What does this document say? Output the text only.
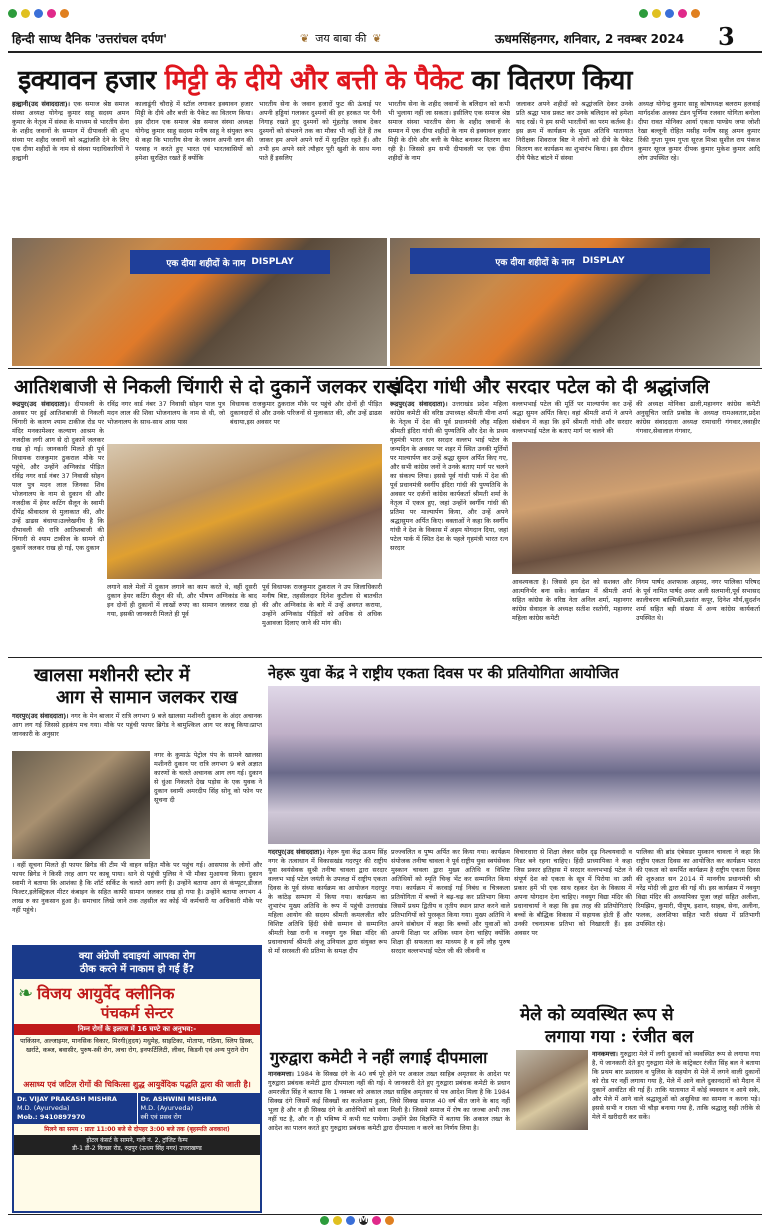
हिन्दी साप्ध दैनिक 'उत्तरांचल दर्पण'	❦ जय बाबा की ❦	ऊधमसिंहनगर, शनिवार, 2 नवम्बर 2024 3
इक्यावन हजार मिट्टी के दीये और बत्ती के पैकेट का वितरण किया
हल्द्वानी(उद संवाददाता)। एक समाज श्रेष्ठ समाज संस्था अध्यक्ष योगेन्द्र कुमार साहू सदस्य अमन कुमार के नेतृत्व में संस्था के माध्यम से भारतीय सेना के शहीद जवानों के सम्मान में दीपावली की शुभ संध्या पर शहीद जवानों को श्रद्धांजलि देने के लिए एक दीया शहीदों के नाम से संस्था पदाधिकारियों ने हल्द्वानी
कालाढूंगी चौराहे में स्टॉल लगाकर इक्यावन हजार मिट्टी के दीये और बत्ती के पैकेट का वितरण किया। इस दौरान एक समाज श्रेष्ठ समाज संस्था अध्यक्ष योगेन्द्र कुमार साहू सदस्य मनीष साहू ने संयुक्त रूप से कहा कि भारतीय सेना के जवान अपनी जान की परवाह न करते हुए भारत एवं भारतवासियों को हमेशा सुरक्षित रखते हैं क्योंकि
भारतीय सेना के जवान हजारों फुट की ऊंचाई पर अपनी हड्डियां गलाकर दुश्मनों की हर हरकत पर पैनी निगाह रखते हुए दुश्मनों को मुंहतोड़ जवाब देकर दुश्मनों को संभलने तक का मौका भी नहीं देते हैं तब जाकर हम अपने अपने घरों में सुरक्षित रहते हैं। और तभी हम अपने सारे त्यौहार पूरी खुशी के साथ मना पाते हैं इसलिए
भारतीय सेना के शहीद जवानों के बलिदान को कभी भी भुलाया नहीं जा सकता। इसीलिए एक समाज श्रेष्ठ समाज संस्था भारतीय सेना के शहीद जवानों के सम्मान में एक दीया शहीदों के नाम से इक्यावन हजार मिट्टी के दीये और बत्ती के पैकेट बनाकर वितरण कर रही है। जिससे हम सभी दीपावली पर एक दीया शहीदों के नाम
जलाकर अपने शहीदों को श्रद्धांजलि देकर उनके प्रति श्रद्धा भाव प्रकट कर उनके बलिदान को हमेशा याद रखें। ये हम सभी भारतीयों का परम कर्तव्य है। इस क्रम में कार्यक्रम के मुख्य अतिथि यातायात निरीक्षक शिवराज बिष्ट ने लोगों को दीये के पैकेट वितरण कर कार्यक्रम का शुभारंभ किया। इस दौरान दीये पैकेट बांटने में संस्था
अध्यक्ष योगेन्द्र कुमार साहू कोषाध्यक्ष बलराम हलवाई मार्गदर्शक अलका टंडन पूर्णिमा रजवार योगिता बनोला दीपा रावत मोनिका आर्या एकता पाण्डेय जया जोशी रेखा बल्लूनी रोहित मसीह मनीष साहू अमन कुमार रिंकी गुप्ता पूनम गुप्ता सूरज मिश्रा सुशील राय पंकज कुमार सूरज कुमार दीपक कुमार मुकेश कुमार आदि लोग उपस्थित रहे।
एक दीया शहीदों के नाम DISPLAY	एक दीया शहीदों के नाम DISPLAY
आतिशबाजी से निकली चिंगारी से दो दुकानें जलकर राख
रूद्रपुर(उद संवाददाता)। दीपावली के अवसर पर हुई आतिशबाजी से निकली चिंगारी के कारण श्याम टाकीज रोड पर मंदिर मनकामेश्वर कल्याण आश्रम के नजदीक लगी आग से दो दुकानें जलकर राख हो गई। जानकारी मिलते ही पूर्व विधायक राजकुमार ठुकराल मौके पर पहुंचे, और उन्होंने अग्निकांड पीड़ित रविंद्र नगर वार्ड नंबर 37 निवासी सोहन पाल पुत्र मदन लाल जिनका शिव भोजनालय के नाम से दुकान थी और नजदीक में हेयर कटिंग सैलून के स्वामी दीपेंद्र श्रीवास्तव से मुलाकात की, और उन्हें ढाढस बंधाया।उल्लेखनीय है कि दीपावली की रात्रि आतिशबाजी की चिंगारी से श्याम टाकीज के सामने दो दुकानें जलकर राख हो गई, एक दुकान
रविंद्र नगर वार्ड नंबर 37 निवासी सोहन पाल पुत्र मदन लाल की शिवा भोजनालय के नाम से थी, जो भोजनालय के साथ-साथ आस पास
विधायक राजकुमार ठुकराल मौके पर पहुंचे और दोनों ही पीड़ित दुकानदारों से और उनके परिजनों से मुलाकात की, और उन्हें ढाढस बंधाया,इस अवसर पर
लगाने वाले मेलों में दुकान लगाने का काम करते थे, वहीं दूसरी दुकान हेयर कटिंग सैलून की थी, और भीषण अग्निकांड के बाद इन दोनों ही दुकानों में लाखों रुपए का सामान जलकर राख हो गया, इसकी जानकारी मिलते ही पूर्व
पूर्व विधायक राजकुमार ठुकराल ने उप जिलाधिकारी मनीष बिष्ट, तहसीलदार दिनेश कुटौला से बातचीत की और अग्निकांड के बारे में उन्हें अवगत कराया, उन्होंने अग्निकांड पीड़ितों को अधिक से अधिक मुआवजा दिलाए जाने की मांग की।
इंदिरा गांधी और सरदार पटेल को दी श्रद्धांजलि
रूद्रपुर(उद संवाददाता)। उत्तराखंड प्रदेश महिला कांग्रेस कमेटी की वरिष्ठ उपाध्यक्ष श्रीमती मीना शर्मा के नेतृत्व में देश की पूर्व प्रधानमंत्री लौह महिला श्रीमती इंदिरा गांधी की पुण्यतिथि और देश के प्रथम गृहमंत्री भारत रत्न सरदार वल्लभ भाई पटेल के जन्मदिन के अवसर पर शहर में स्थित उनकी मूर्तियों पर माल्यार्पण कर उन्हें श्रद्धा सुमन अर्पित किए गए, और सभी कांग्रेस जनों ने उनके बताए मार्ग पर चलने का संकल्प लिया। इससे पूर्व गांधी पार्क में देश की पूर्व प्रधानमंत्री स्वर्गीय इंदिरा गांधी की पुण्यतिथि के अवसर पर दर्जनों कांग्रेस कार्यकर्ता श्रीमती शर्मा के नेतृत्व में एकत्र हुए, जहां उन्होंने स्वर्गीय गांधी की प्रतिमा पर माल्यार्पण किया, और उन्हें अपने श्रद्धासुमन अर्पित किए। वक्ताओं ने कहा कि स्वर्गीय गांधी ने देश के विकास में अहम योगदान दिया, जहां पटेल पार्क में स्थित देश के पहले गृहमंत्री भारत रत्न सरदार
वल्लभभाई पटेल की मूर्ति पर माल्यार्पण कर उन्हें श्रद्धा सुमन अर्पित किए। वहां श्रीमती शर्मा ने अपने संबोधन में कहा कि हमें श्रीमती गांधी और सरदार वल्लभभाई पटेल के बताए मार्ग पर चलने की
की अध्यक्ष मोनिका ढाली,महानगर कांग्रेस कमेटी अनुसूचित जाति प्रकोष्ठ के अध्यक्ष रामअवतार,प्रदेश कांग्रेस संवाददाता अध्यक्ष रामाधारी गंगवार,जवाहीर गंगवार,सेवालाल गंगवार,
आवश्यकता है। जिससे हम देश को सशक्त और आत्मनिर्भर बना सकें। कार्यक्रम में श्रीमती शर्मा सहित कांग्रेस के वरिष्ठ नेता अनिल शर्मा, महानगर कांग्रेस सेवादल के अध्यक्ष सतीश रस्तोगी, महानगर महिला कांग्रेस कमेटी
निगम पार्षद अशफाक अहमद, नगर पालिका परिषद के पूर्व नामित पार्षद अमर अली सलमानी,पूर्व सभासद कालीचरण बाल्मिकी,प्रशांत कपूर, दिनेश मौर्य,सुदर्शन शर्मा सहित बड़ी संख्या में अन्य कांग्रेस कार्यकर्ता उपस्थित थे।
खालसा मशीनरी स्टोर में
आग से सामान जलकर राख
गदरपुर(उद संवाददाता)। नगर के मेन बाजार में रात्रि लगभग 9 बजे खालसा मशीनरी दुकान के अंदर अचानक आग लग गई जिससे हड़कंप मच गया। मौके पर पहुंची फायर ब्रिगेड ने बामुश्किल आग पर काबू किया।प्राप्त जानकारी के अनुसार
नगर के कुमाऊं पेट्रोल पंप के सामने खालसा मशीनरी दुकान पर रात्रि लगभग 9 बजे अज्ञात कारणों के चलते अचानक आग लग गई। दुकान से धुंआ निकलते देख पड़ोस के एक युवक ने दुकान स्वामी अमरदीप सिंह सोनू को फोन पर सूचना दी
। वहीं सूचना मिलते ही फायर ब्रिगेड की टीम भी वाहन सहित मौके पर पहुंच गई। आसपास के लोगों और फायर ब्रिगेड ने किसी तरह आग पर काबू पाया। थाने से पहुंची पुलिस ने भी मौका मुआयना किया। दुकान स्वामी ने बताया कि आशंका है कि शॉर्ट सर्किट के चलते आग लगी है। उन्होंने बताया आग से कंप्यूटर,डीजल फिल्टर,इलेक्ट्रिकल मीटर कंबाइन के सहित काफी सामान जलकर राख हो गया है। उन्होंने बताया लगभग 4 लाख रु का नुकसान हुआ है। समाचार लिखे जाने तक तहसील का कोई भी कर्मचारी या अधिकारी मौके पर नहीं पहुंचे।
क्या अंग्रेजी दवाइयां आपका रोग
ठीक करने में नाकाम हो गई हैं?
❧ विजय आयुर्वेद क्लीनिक
पंचकर्म सेन्टर
निम्न रोगों के इलाज में 16 घण्टे का अनुभव:-
पाकिंसन, अल्जाइमर, मानसिक विकार, मिरगी(हृदय) मधुमेह, साइटिका, मोतापा, गठिया, स्लिप डिस्क, खर्राटे, कब्ज, बवासीर, पुरुष-स्त्री रोग, त्वचा रोग, इनफर्टिलिटी, लीवर, किडनी एवं अन्य पुराने रोग
असाध्य एवं जटिल रोगों की चिकित्सा शुद्ध आयुर्वेदिक पद्धति द्वारा की जाती है।
Dr. VIJAY PRAKASH MISHRA
M.D. (Ayurveda)
Mob.: 9410897970
Dr. ASHWINI MISHRA
M.D. (Ayurveda)
स्त्री एवं प्रसव रोग
मिलने का समय : प्रातः 11:00 बजे से दोपहर 3:00 बजे तक (बृहस्पति अवकाश)
होटल कंसर्ट के सामने, गली नं. 2, ट्रांजिट कैम्प
डी-1 डी-2 किच्छा रोड, रुद्रपुर (ऊधम सिंह नगर) उत्तराखण्ड
नेहरू युवा केंद्र ने राष्ट्रीय एकता दिवस पर की प्रतियोगिता आयोजित
गदरपुर(उद संवाददाता)। नेहरू युवा केंद्र ऊधम सिंह नगर के तत्वाधान में विकासखंड गदरपुर की राष्ट्रीय युवा स्वयंसेवक सुश्री तनीषा चावला द्वारा सरदार वल्लभ भाई पटेल जयंती के उपलक्ष में राष्ट्रीय एकता दिवस के पूर्व संध्या कार्यक्रम का आयोजन गदरपुर के कांठेड़ सम्भाग में किया गया। कार्यक्रम का शुभारंभ मुख्य अतिथि के रूप में पहुंची उत्तराखंड महिला आयोग की सदस्य श्रीमती कमलजीत कौर विशिष्ट अतिथि हिंदी सेवी सम्मान से सम्मानित श्रीमती रेखा रानी व नवयुग गुरु विद्या मंदिर की प्रधानाचार्या श्रीमती अंजू उनियाल द्वारा संयुक्त रूप से माँ सरस्वती की प्रतिमा के समक्ष दीप
प्रज्ज्वलित व पुष्प अर्पित कर किया गया। कार्यक्रम संयोजक तनीषा चावला ने पूर्व राष्ट्रीय युवा स्वयंसेवक मुस्कान चावला द्वारा मुख्य अतिथि व विशिष्ट अतिथियों को स्मृति चिन्ह भेंट कर सम्मानित किया गया। कार्यक्रम में करवाई गई निबंध व चित्रकला प्रतियोगिता में बच्चों ने बढ़-चढ़ कर प्रतिभाग किया जिसमें प्रथम द्वितीय व तृतीय स्थान प्राप्त करने वाले प्रतिभागियों को पुरस्कृत किया गया। मुख्य अतिथि ने अपने संबोधन में कहा कि बच्चों और युवाओं को अपनी शिक्षा पर अधिक ध्यान देना चाहिए क्योंकि शिक्षा ही सफलता का माध्यम है व हमें लौह पुरुष सरदार वल्लभभाई पटेल जी की जीवनी व
विचारधारा से शिक्षा लेकर सदैव दृढ़ निश्चयवादी व निडर बने रहना चाहिए। हिंदी प्राध्यापिका ने कहा जिस प्रकार इतिहास में सरदार वल्लभभाई पटेल ने संपूर्ण देश को एकता के सूत्र में पिरोया था उसी प्रकार हमें भी एक साथ रहकर देश के विकास में अपना योगदान देना चाहिए। नवयुग विद्या मंदिर की प्रधानाचार्या ने कहा कि इस तरह की प्रतियोगिताएं बच्चों के बौद्धिक विकास में सहायक होती हैं और उनकी रचनात्मक प्रतिभा को निखारती हैं। इस अवसर पर
पालिका की ब्रांड एंबेसडर मुस्कान चावला ने कहा कि राष्ट्रीय एकता दिवस का आयोजित कर कार्यक्रम भारत की एकता को समर्पित कार्यक्रम है राष्ट्रीय एकता दिवस की शुरुआत सन 2014 में माननीय प्रधानमंत्री श्री नरेंद्र मोदी जी द्वारा की गई थी। इस कार्यक्रम में नवयुग विद्या मंदिर की अध्यापिका पूजा जहां सहित अलीशा, रिमझिम, कुमारी, पीयूष, इशान, साहब, सेना, अलीना, फलक, अलशिफा सहित भारी संख्या में प्रतिभागी उपस्थित रहे।
गुरुद्वारा कमेटी ने नहीं लगाई दीपमाला
नानकमत्ता। 1984 के सिक्ख दंगे के 40 वर्ष पूरे होने पर अकाल तख्त साहिब अमृतसर के आदेश पर गुरुद्वारा प्रबंधक कमेटी द्वारा दीपमाला नहीं की गई। ये जानकारी देते हुए गुरुद्वारा प्रबंधक कमेटी के प्रधान अमरजीत सिंह ने बताया कि 1 नवम्बर को अकाल तख्त साहिब अमृतसर से पत्र आदेश मिला है कि 1984 सिक्ख दंगे जिसमें कई सिक्खों का कत्लेआम हुआ, जिसे सिक्ख समाज 40 वर्ष बीत जाने के बाद नहीं भूला है और न ही सिक्ख दंगे के आरोपियों को सजा मिली है। जिससे समाज में रोष का जज्बा अभी तक नहीं घट है, और न ही भविष्य में कभी घट पायेगा। उन्होंने प्रेस विज्ञप्ति में बताया कि अकाल तख्त के आदेश का पालन करते हुए गुरुद्वारा प्रबंधक कमेटी द्वारा दीपमाला न करने का निर्णय लिया है।
मेले को व्यवस्थित रूप से
लगाया गया : रंजीत बल
नानकमत्ता। गुरुद्वारा मेले में लगी दुकानों को व्यवस्थित रूप से लगाया गया है, ये जानकारी देते हुए गुरुद्वारा मेले के कांट्रेक्टर रंजीत सिंह बल ने बताया कि प्रथम बार प्रशासन व पुलिस के सहयोग से मेले में लगने वाली दुकानों को रोड पर नहीं लगाया गया है, मेले में आने वाले दुकानदारों को मैदान में दुकानें आवंटित की गई हैं। ताकि यातायात में कोई व्यवधान न आये सके, और मेले में आने वाले श्रद्धालुओं को असुविधा का सामना न करना पड़े। इससे सभी न रास्ता भी चौड़ा बनाया गया है, ताकि श्रद्धालु सही तरीके से मेले में खरीदारी कर सकें।
M
